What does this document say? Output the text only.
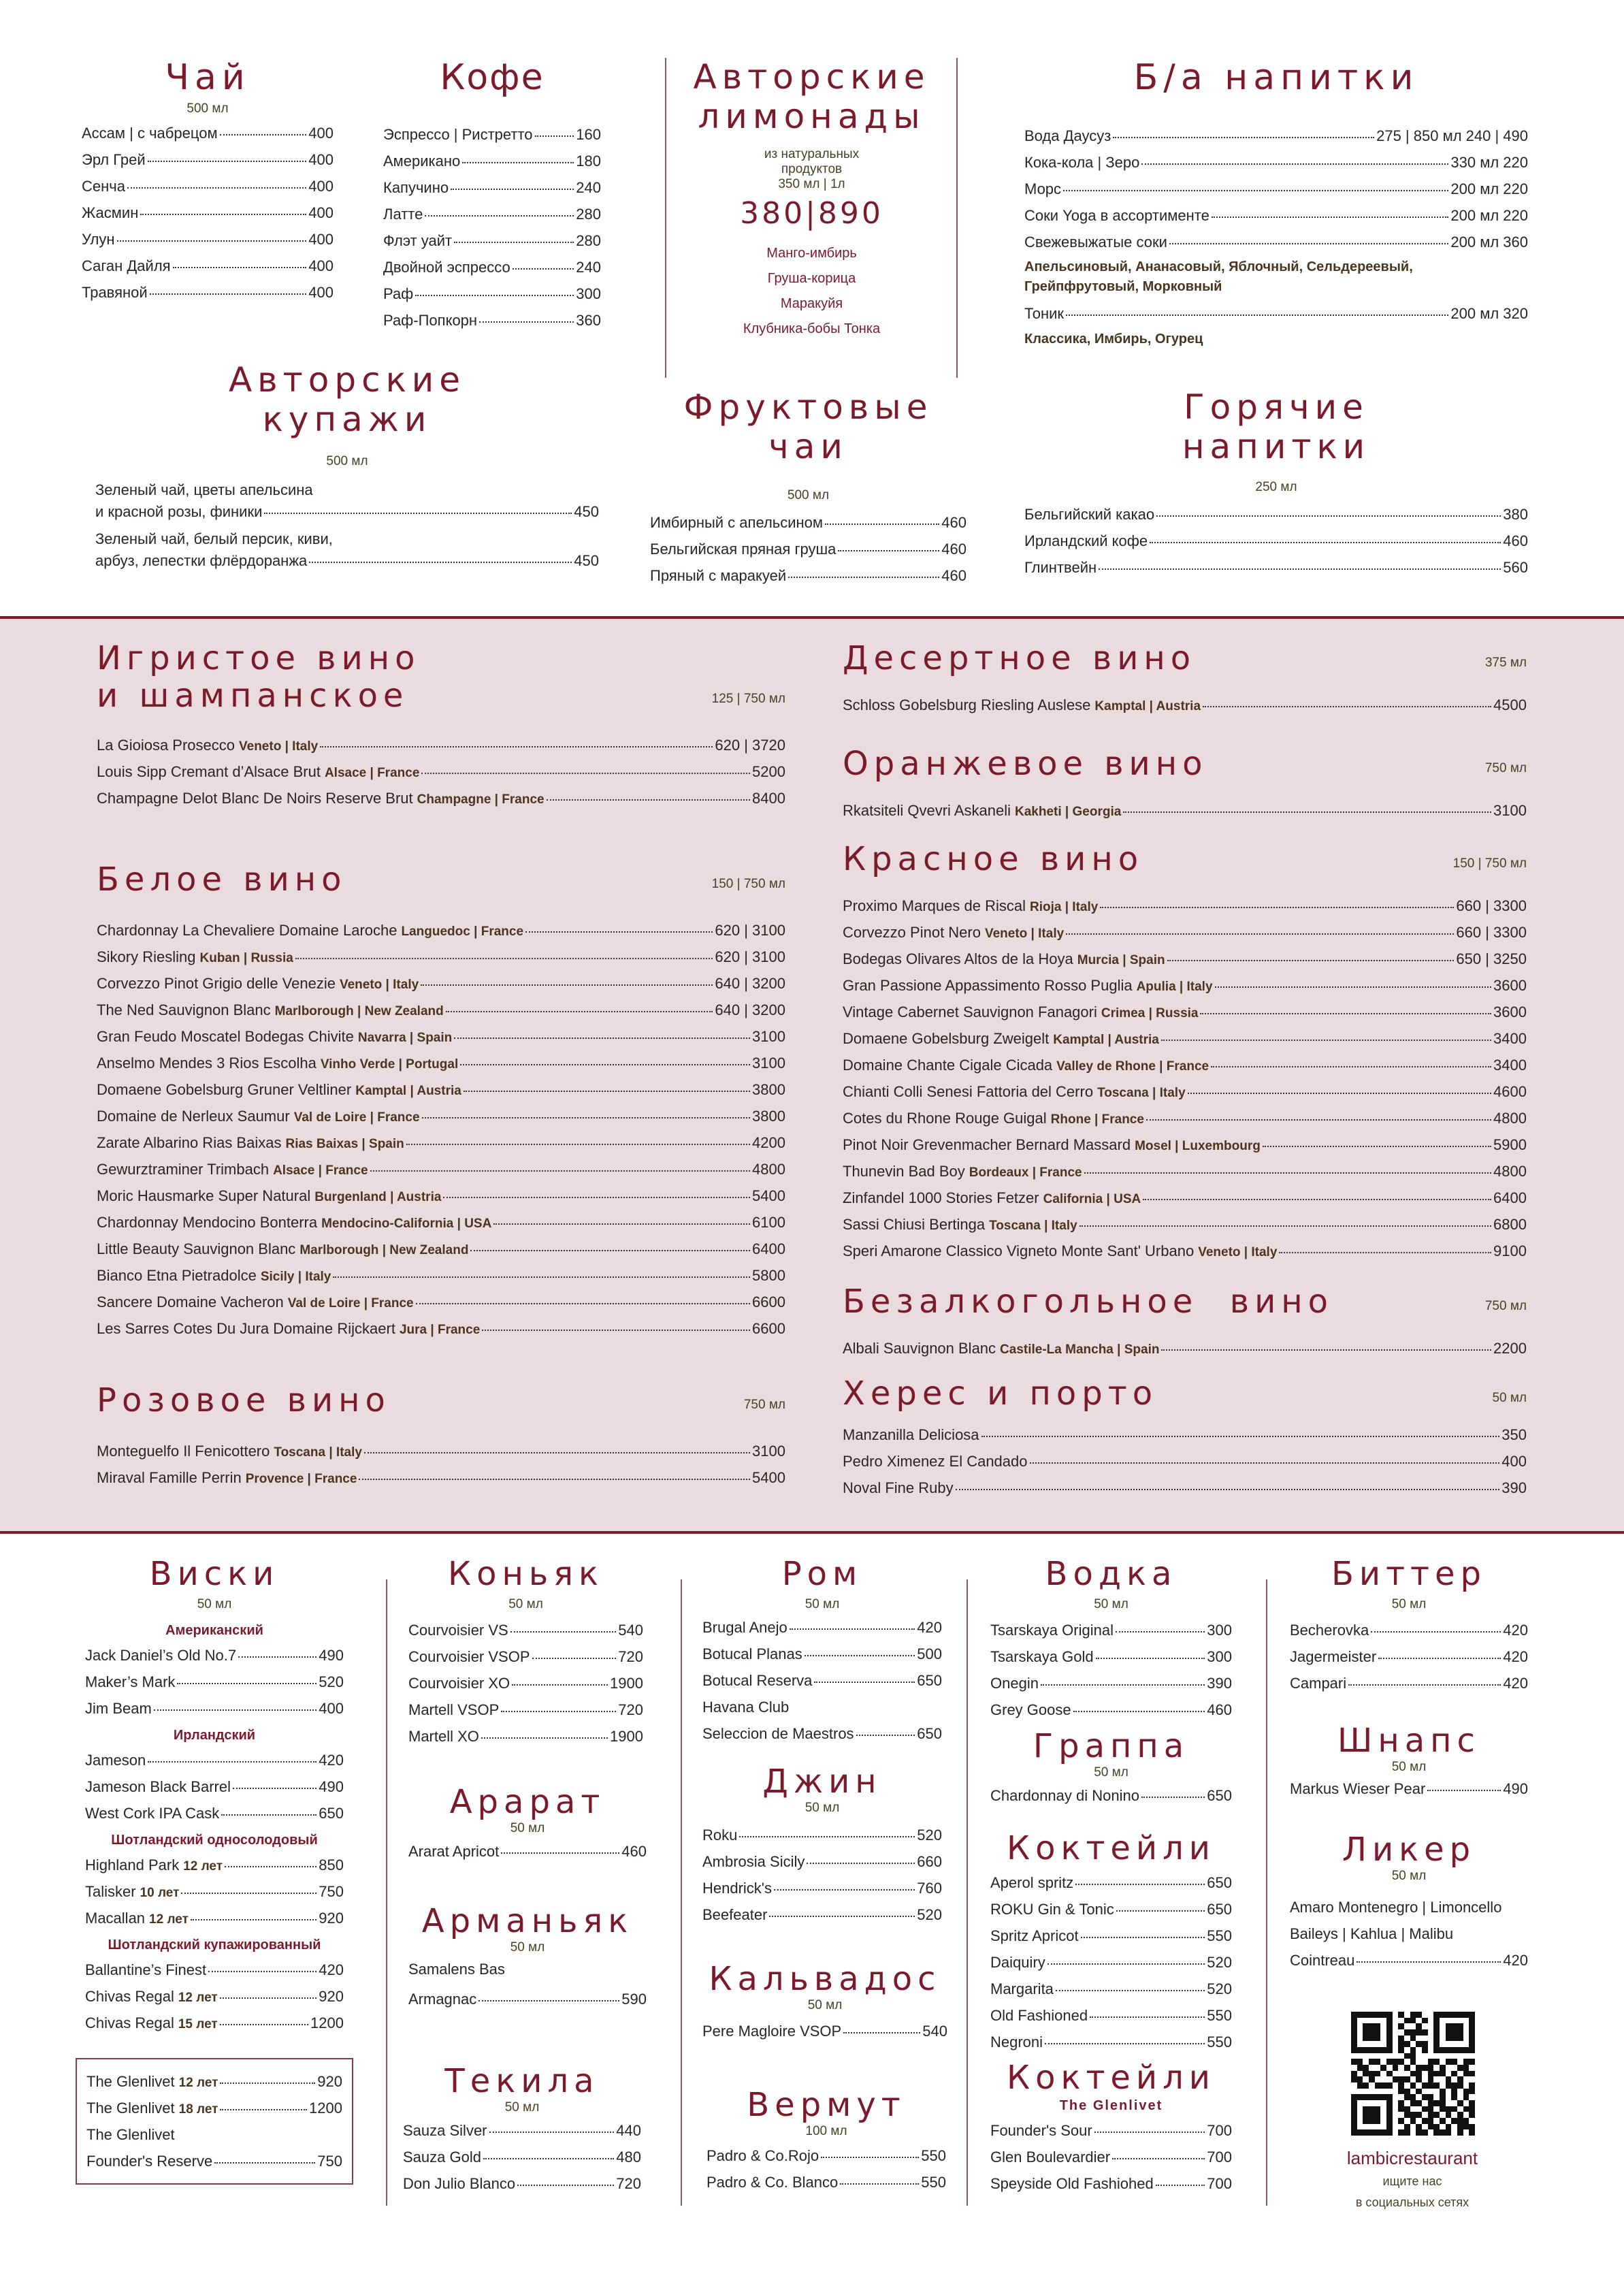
Чай
500 мл
Ассам | с чабрецом	400
Эрл Грей	400
Сенча	400
Жасмин	400
Улун	400
Саган Дайля	400
Травяной	400
Кофе
Эспрессо | Ристретто	160
Американо	180
Капучино	240
Латте	280
Флэт уайт	280
Двойной эспрессо	240
Раф	300
Раф-Попкорн	360
Авторские
лимонады
из натуральных
продуктов
350 мл | 1л
380|890
Манго-имбирь
Груша-корица
Маракуйя
Клубника-бобы Тонка
Б/а напитки
Вода Даусуз	275 | 850 мл 240 | 490
Кока-кола | Зеро	330 мл 220
Морс	200 мл 220
Соки Yoga в ассортименте	200 мл 220
Свежевыжатые соки	200 мл 360
Апельсиновый, Ананасовый, Яблочный, Сельдереевый, Грейпфрутовый, Морковный
Тоник	200 мл 320
Классика, Имбирь, Огурец
Авторские
купажи
500 мл
Зеленый чай, цветы апельсина
и красной розы, финики	450
Зеленый чай, белый персик, киви,
арбуз, лепестки флёрдоранжа	450
Фруктовые
чаи
500 мл
Имбирный с апельсином	460
Бельгийская пряная груша	460
Пряный с маракуей	460
Горячие
напитки
250 мл
Бельгийский какао	380
Ирландский кофе	460
Глинтвейн	560
Игристое вино
и шампанское	125 | 750 мл
La Gioiosa Prosecco Veneto | Italy	620 | 3720
Louis Sipp Cremant d’Alsace Brut Alsace | France	5200
Champagne Delot Blanc De Noirs Reserve Brut Champagne | France	8400
Белое вино	150 | 750 мл
Chardonnay La Chevaliere Domaine Laroche Languedoc | France	620 | 3100
Sikory Riesling Kuban | Russia	620 | 3100
Corvezzo Pinot Grigio delle Venezie Veneto | Italy	640 | 3200
The Ned Sauvignon Blanc Marlborough | New Zealand	640 | 3200
Gran Feudo Moscatel Bodegas Chivite Navarra | Spain	3100
Anselmo Mendes 3 Rios Escolha Vinho Verde | Portugal	3100
Domaene Gobelsburg Gruner Veltliner Kamptal | Austria	3800
Domaine de Nerleux Saumur Val de Loire | France	3800
Zarate Albarino Rias Baixas Rias Baixas | Spain	4200
Gewurztraminer Trimbach Alsace | France	4800
Moric Hausmarke Super Natural Burgenland | Austria	5400
Chardonnay Mendocino Bonterra Mendocino-California | USA	6100
Little Beauty Sauvignon Blanc Marlborough | New Zealand	6400
Bianco Etna Pietradolce Sicily | Italy	5800
Sancere Domaine Vacheron Val de Loire | France	6600
Les Sarres Cotes Du Jura Domaine Rijckaert Jura | France	6600
Розовое вино	750 мл
Monteguelfo Il Fenicottero Toscana | Italy	3100
Miraval Famille Perrin Provence | France	5400
Десертное вино	375 мл
Schloss Gobelsburg Riesling Auslese Kamptal | Austria	4500
Оранжевое вино	750 мл
Rkatsiteli Qvevri Askaneli Kakheti | Georgia	3100
Красное вино	150 | 750 мл
Proximo Marques de Riscal Rioja | Italy	660 | 3300
Corvezzo Pinot Nero Veneto | Italy	660 | 3300
Bodegas Olivares Altos de la Hoya Murcia | Spain	650 | 3250
Gran Passione Appassimento Rosso Puglia Apulia | Italy	3600
Vintage Cabernet Sauvignon Fanagori Crimea | Russia	3600
Domaene Gobelsburg Zweigelt Kamptal | Austria	3400
Domaine Chante Cigale Cicada Valley de Rhone | France	3400
Chianti Colli Senesi Fattoria del Cerro Toscana | Italy	4600
Cotes du Rhone Rouge Guigal Rhone | France	4800
Pinot Noir Grevenmacher Bernard Massard Mosel | Luxembourg	5900
Thunevin Bad Boy Bordeaux | France	4800
Zinfandel 1000 Stories Fetzer California | USA	6400
Sassi Chiusi Bertinga Toscana | Italy	6800
Speri Amarone Classico Vigneto Monte Sant' Urbano Veneto | Italy	9100
Безалкогольное  вино	750 мл
Albali Sauvignon Blanc Castile-La Mancha | Spain	2200
Херес и порто	50 мл
Manzanilla Deliciosa	350
Pedro Ximenez El Candado	400
Noval Fine Ruby	390
Виски
50 мл
Американский
Jack Daniel’s Old No.7	490
Maker’s Mark	520
Jim Beam	400
Ирландский
Jameson	420
Jameson Black Barrel	490
West Cork IPA Cask	650
Шотландский односолодовый
Highland Park 12 лет	850
Talisker 10 лет	750
Macallan 12 лет	920
Шотландский купажированный
Ballantine’s Finest	420
Chivas Regal 12 лет	920
Chivas Regal 15 лет	1200
The Glenlivet 12 лет	920
The Glenlivet 18 лет	1200
The Glenlivet
Founder's Reserve	750
Коньяк
50 мл
Courvoisier VS	540
Courvoisier VSOP	720
Courvoisier XO	1900
Martell VSOP	720
Martell XO	1900
Арарат
50 мл
Ararat Apricot	460
Арманьяк
50 мл
Samalens Bas
Armagnac	590
Текила
50 мл
Sauza Silver	440
Sauza Gold	480
Don Julio Blanco	720
Ром
50 мл
Brugal Anejo	420
Botucal Planas	500
Botucal Reserva	650
Havana Club
Seleccion de Maestros	650
Джин
50 мл
Roku	520
Ambrosia Sicily	660
Hendrick's	760
Beefeater	520
Кальвадос
50 мл
Pere Magloire VSOP	540
Вермут
100 мл
Padro & Co.Rojo	550
Padro & Co. Blanco	550
Водка
50 мл
Tsarskaya Original	300
Tsarskaya Gold	300
Onegin	390
Grey Goose	460
Граппа
50 мл
Chardonnay di Nonino	650
Коктейли
Aperol spritz	650
ROKU Gin & Tonic	650
Spritz Apricot	550
Daiquiry	520
Margarita	520
Old Fashioned	550
Negroni	550
Коктейли
The Glenlivet
Founder's Sour	700
Glen Boulevardier	700
Speyside Old Fashiohed	700
Биттер
50 мл
Becherovka	420
Jagermeister	420
Campari	420
Шнапс
50 мл
Markus Wieser Pear	490
Ликер
50 мл
Amaro Montenegro | Limoncello
Baileys | Kahlua | Malibu
Cointreau	420
lambicrestaurant
ищите нас
в социальных сетях
